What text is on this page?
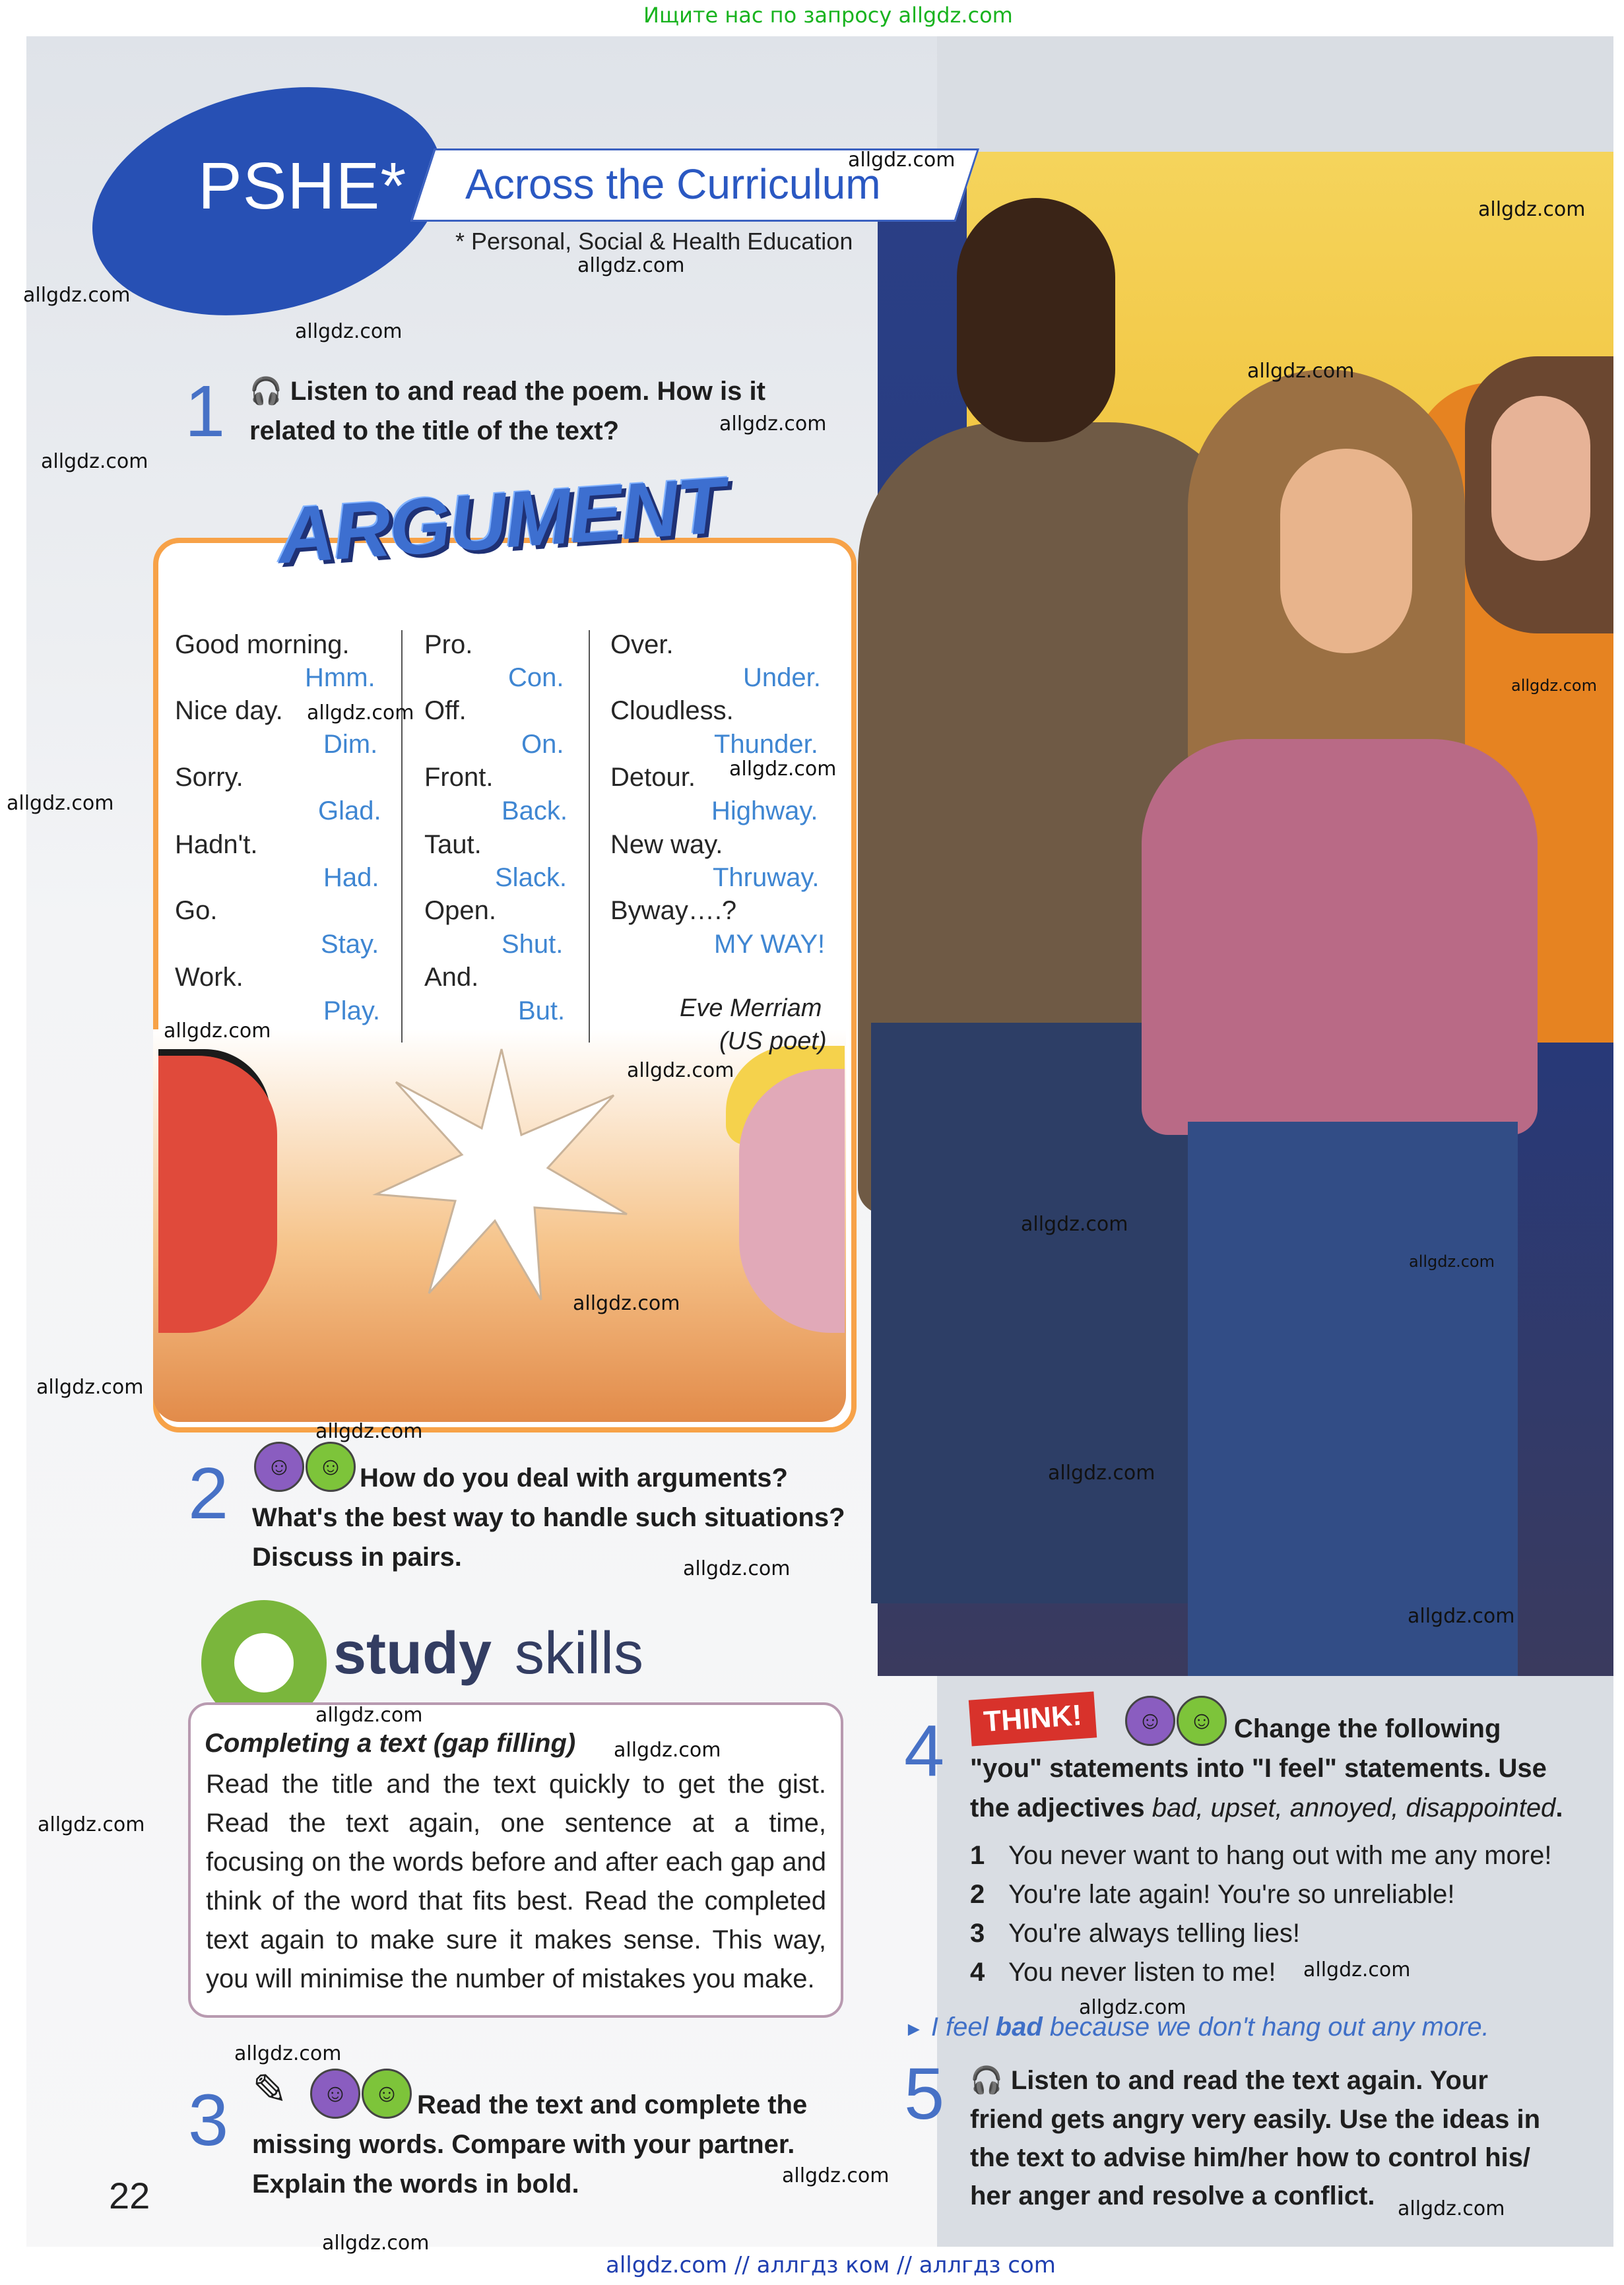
Ищите нас по запросу allgdz.com
allgdz.com // аллгдз ком // аллгдз com
PSHE* Across the Curriculum
* Personal, Social & Health Education
1 🎧 Listen to and read the poem. How is it
related to the title of the text?
ARGUMENT
Good morning.
Hmm.
Nice day.
Dim.
Sorry.
Glad.
Hadn't.
Had.
Go.
Stay.
Work.
Play.
Pro.
Con.
Off.
On.
Front.
Back.
Taut.
Slack.
Open.
Shut.
And.
But.
Over.
Under.
Cloudless.
Thunder.
Detour.
Highway.
New way.
Thruway.
Byway….?
MY WAY!
Eve Merriam
(US poet)
2	☺	☺ How do you deal with arguments?
What's the best way to handle such situations?
Discuss in pairs.
study skills
Completing a text (gap filling)
Read the title and the text quickly to get the gist. Read the text again, one sentence at a time, focusing on the words before and after each gap and think of the word that fits best. Read the completed text again to make sure it makes sense. This way, you will minimise the number of mistakes you make.
3 ✎	☺	☺ Read the text and complete the
missing words. Compare with your partner.
Explain the words in bold.
4	THINK!	☺	☺ Change the following
"you" statements into "I feel" statements. Use
the adjectives bad, upset, annoyed, disappointed.
1 You never want to hang out with me any more!
2 You're late again! You're so unreliable!
3 You're always telling lies!
4 You never listen to me!
► I feel bad because we don't hang out any more.
5 🎧 Listen to and read the text again. Your
friend gets angry very easily. Use the ideas in
the text to advise him/her how to control his/
her anger and resolve a conflict.
22
allgdz.com
allgdz.com
allgdz.com
allgdz.com
allgdz.com
allgdz.com
allgdz.com
allgdz.com
allgdz.com
allgdz.com
allgdz.com
allgdz.com
allgdz.com
allgdz.com
allgdz.com
allgdz.com
allgdz.com
allgdz.com
allgdz.com
allgdz.com
allgdz.com
allgdz.com
allgdz.com
allgdz.com
allgdz.com
allgdz.com
allgdz.com
allgdz.com
allgdz.com
allgdz.com
allgdz.com
